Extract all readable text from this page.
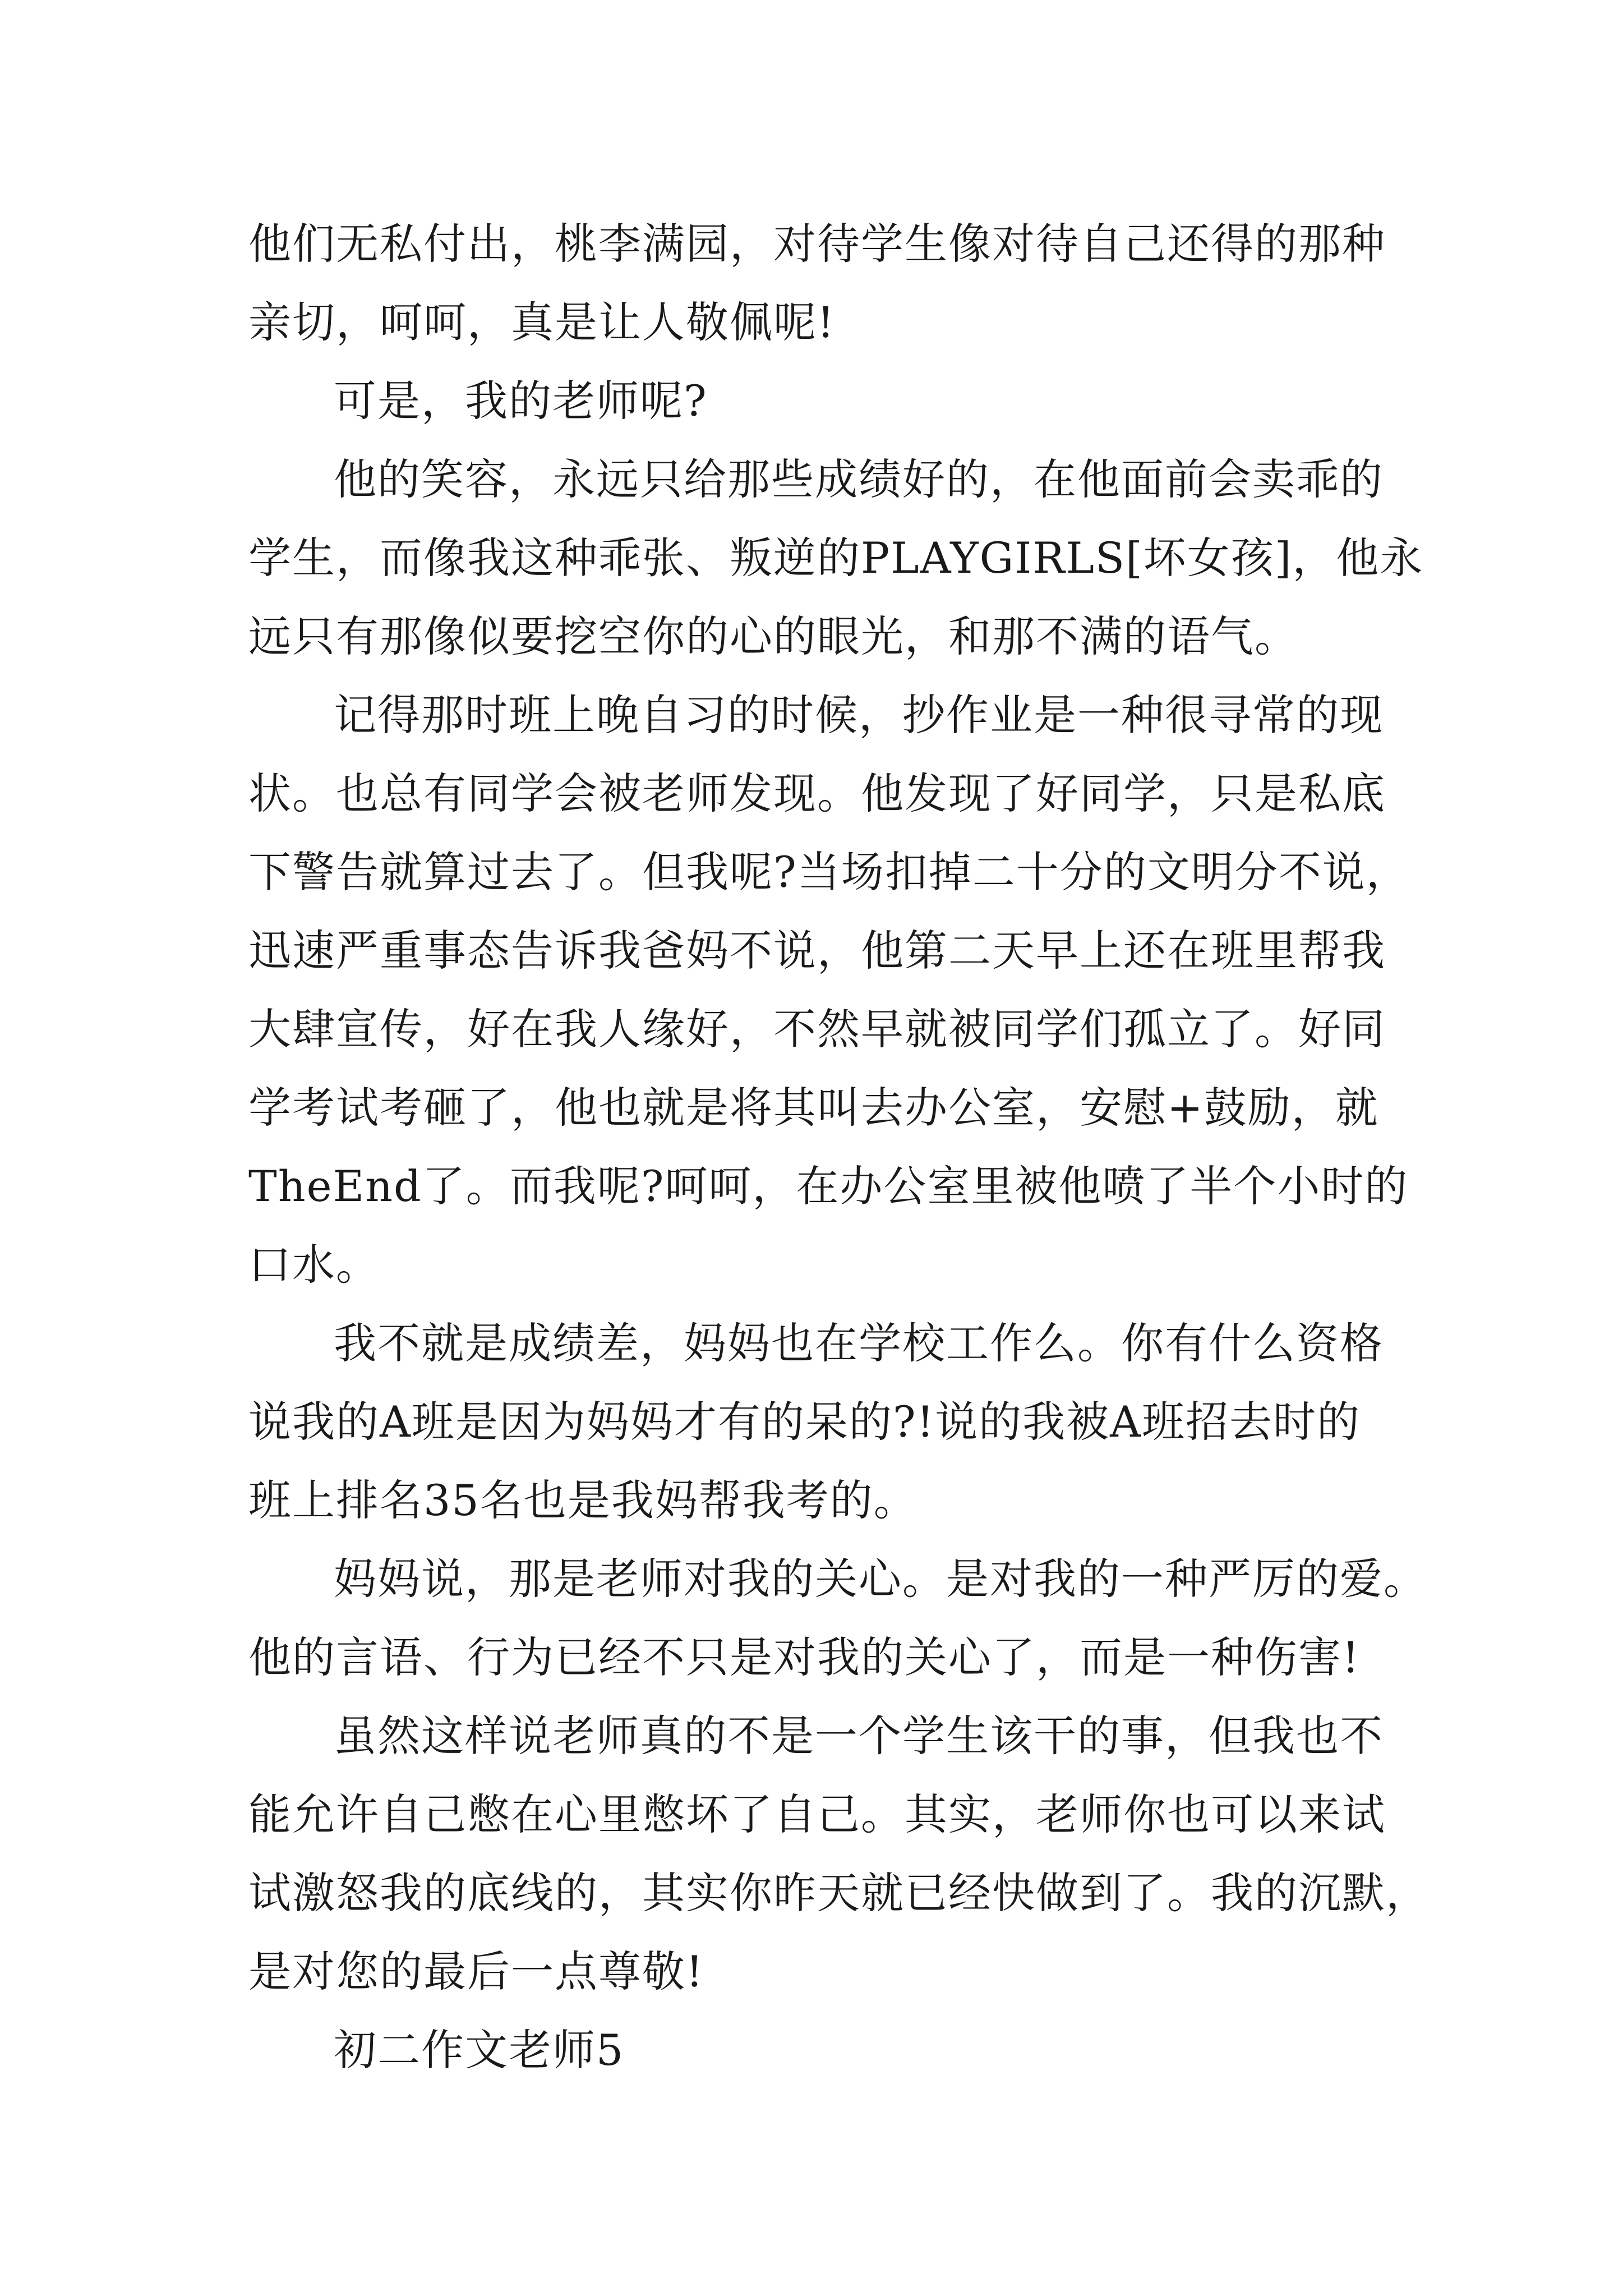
他们无私付出，桃李满园，对待学生像对待自己还得的那种
亲切，呵呵，真是让人敬佩呢!
可是，我的老师呢?
他的笑容，永远只给那些成绩好的，在他面前会卖乖的
学生，而像我这种乖张、叛逆的PLAYGIRLS[坏女孩]，他永
远只有那像似要挖空你的心的眼光，和那不满的语气。
记得那时班上晚自习的时候，抄作业是一种很寻常的现
状。也总有同学会被老师发现。他发现了好同学，只是私底
下警告就算过去了。但我呢?当场扣掉二十分的文明分不说，
迅速严重事态告诉我爸妈不说，他第二天早上还在班里帮我
大肆宣传，好在我人缘好，不然早就被同学们孤立了。好同
学考试考砸了，他也就是将其叫去办公室，安慰+鼓励，就
TheEnd了。而我呢?呵呵，在办公室里被他喷了半个小时的
口水。
我不就是成绩差，妈妈也在学校工作么。你有什么资格
说我的A班是因为妈妈才有的呆的?!说的我被A班招去时的
班上排名35名也是我妈帮我考的。
妈妈说，那是老师对我的关心。是对我的一种严厉的爱。
他的言语、行为已经不只是对我的关心了，而是一种伤害!
虽然这样说老师真的不是一个学生该干的事，但我也不
能允许自己憋在心里憋坏了自己。其实，老师你也可以来试
试激怒我的底线的，其实你昨天就已经快做到了。我的沉默，
是对您的最后一点尊敬!
初二作文老师5
